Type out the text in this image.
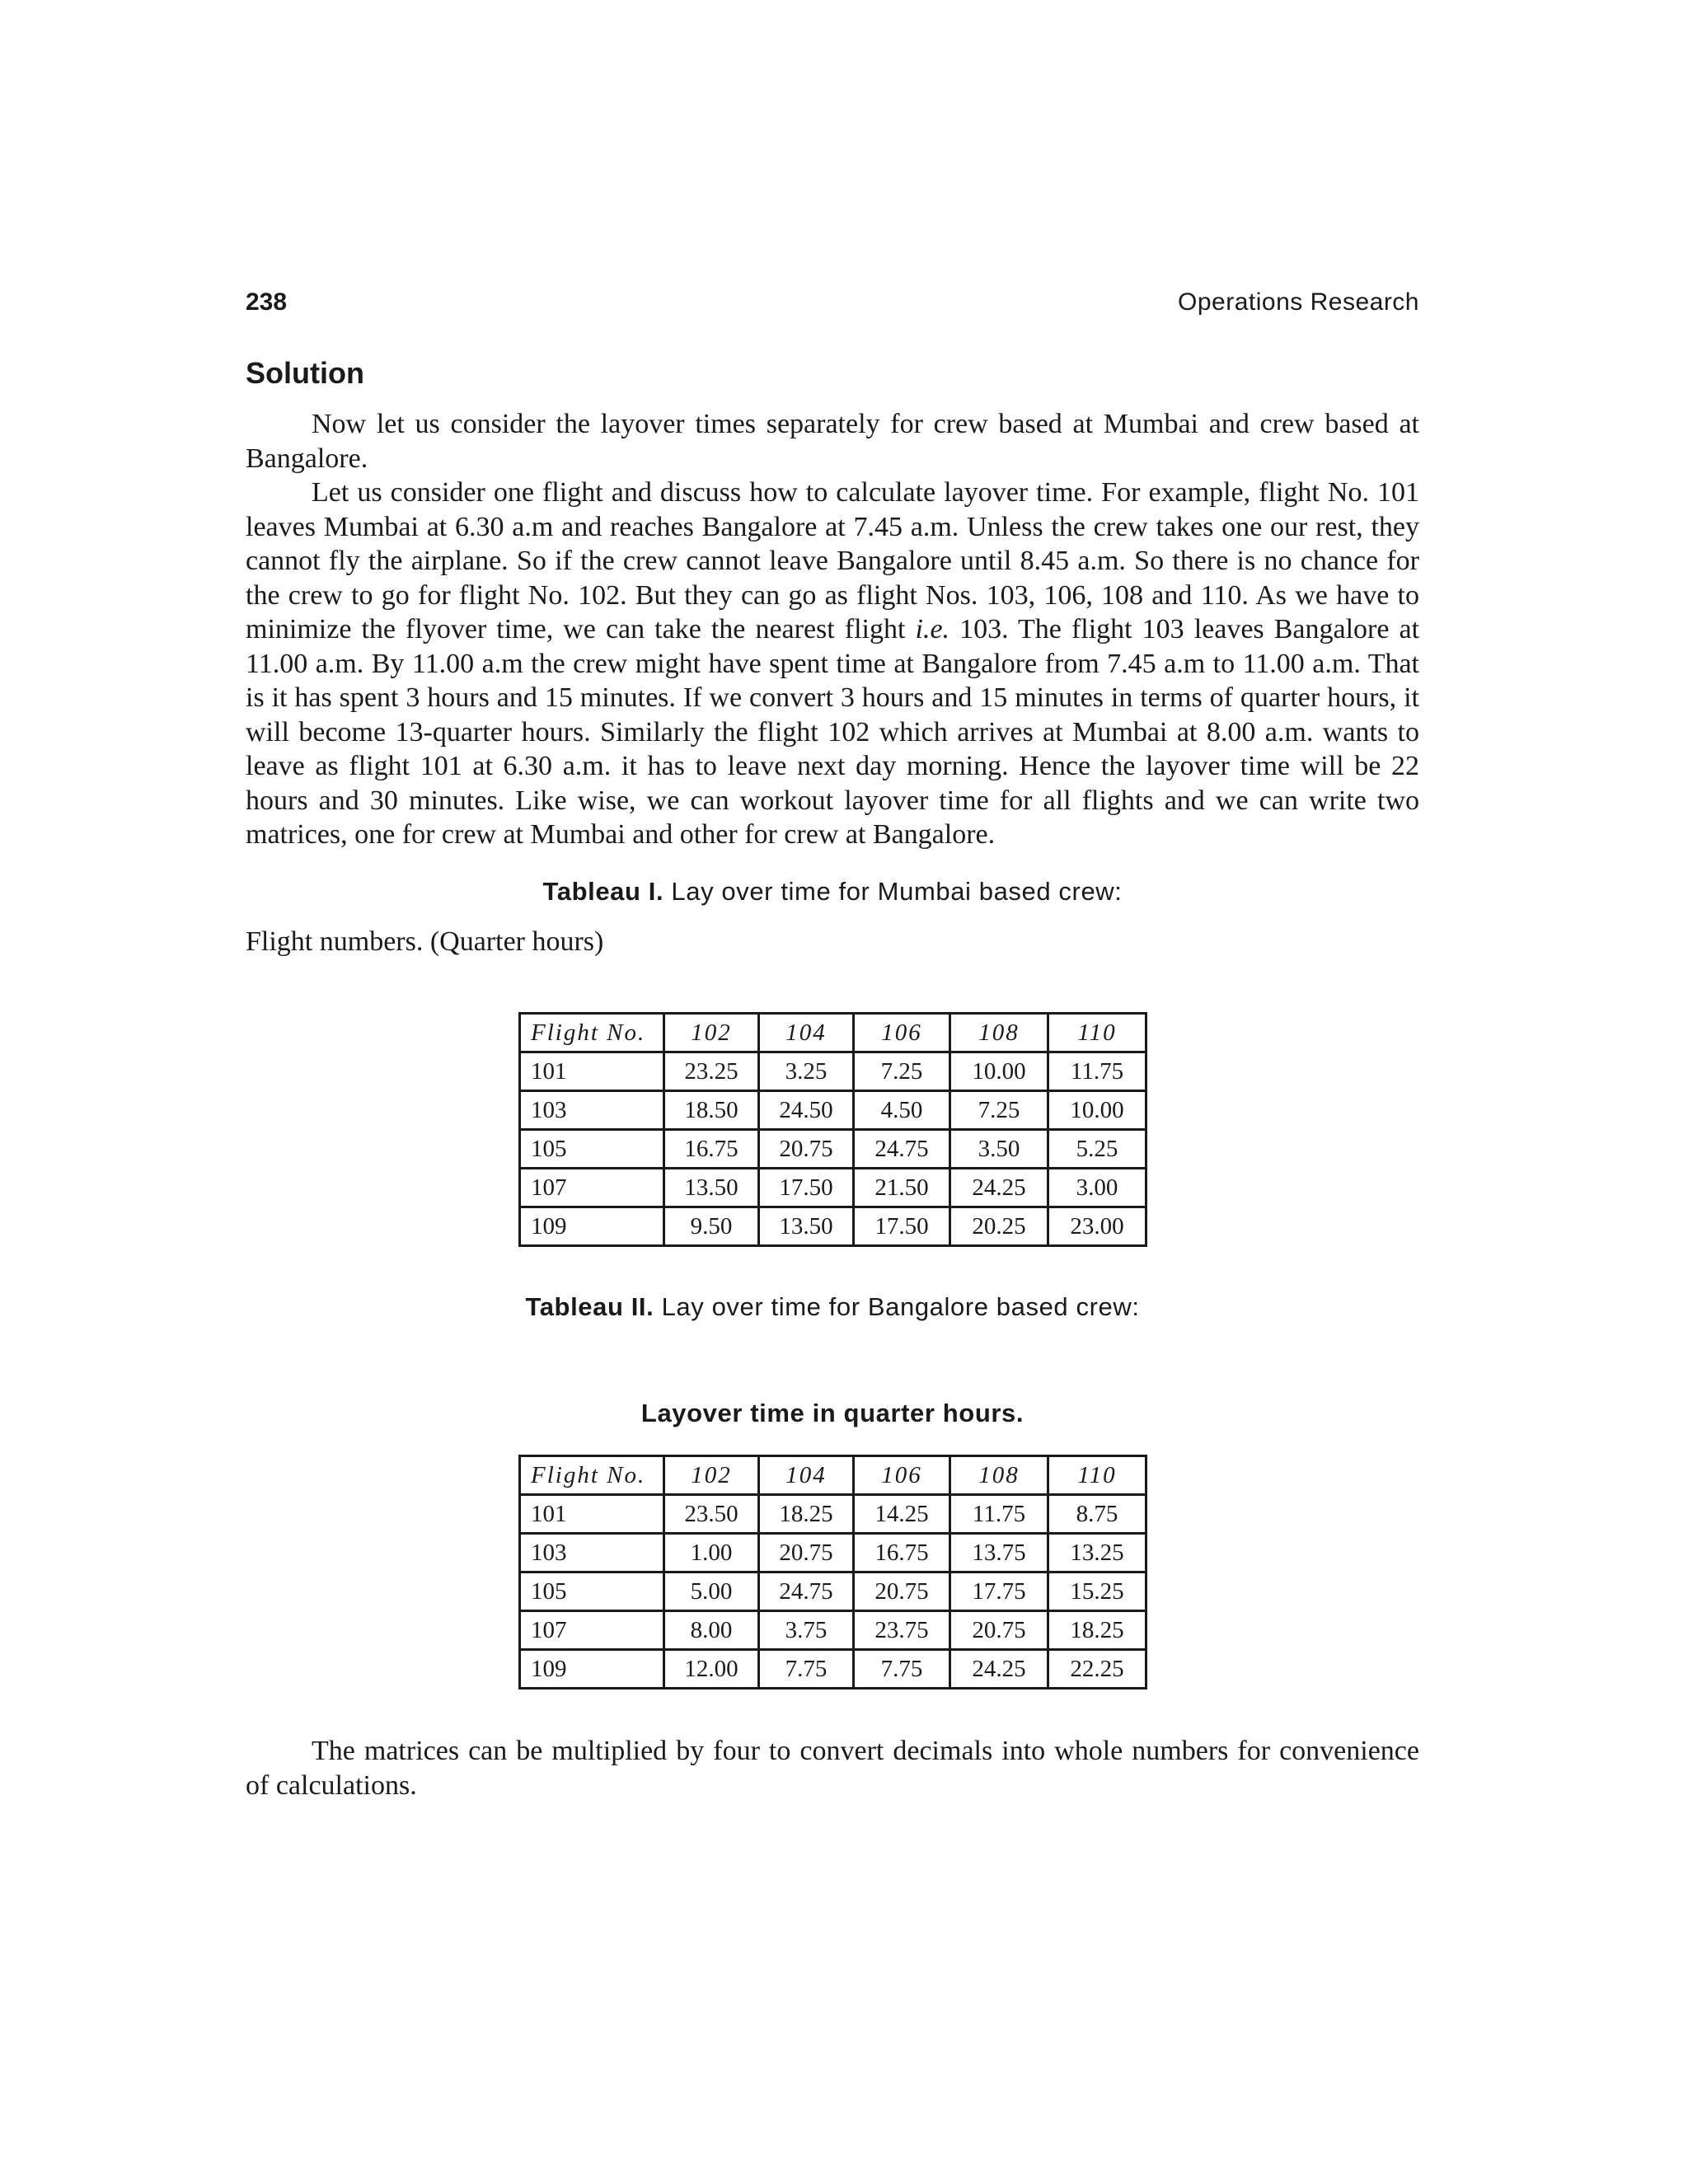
238	Operations Research
Solution

Now let us consider the layover times separately for crew based at Mumbai and crew based at Bangalore.

Let us consider one flight and discuss how to calculate layover time. For example, flight No. 101 leaves Mumbai at 6.30 a.m and reaches Bangalore at 7.45 a.m. Unless the crew takes one our rest, they cannot fly the airplane. So if the crew cannot leave Bangalore until 8.45 a.m. So there is no chance for the crew to go for flight No. 102. But they can go as flight Nos. 103, 106, 108 and 110. As we have to minimize the flyover time, we can take the nearest flight i.e. 103. The flight 103 leaves Bangalore at 11.00 a.m. By 11.00 a.m the crew might have spent time at Bangalore from 7.45 a.m to 11.00 a.m. That is it has spent 3 hours and 15 minutes. If we convert 3 hours and 15 minutes in terms of quarter hours, it will become 13-quarter hours. Similarly the flight 102 which arrives at Mumbai at 8.00 a.m. wants to leave as flight 101 at 6.30 a.m. it has to leave next day morning. Hence the layover time will be 22 hours and 30 minutes. Like wise, we can workout layover time for all flights and we can write two matrices, one for crew at Mumbai and other for crew at Bangalore.

Tableau I. Lay over time for Mumbai based crew:
Flight numbers. (Quarter hours)
Flight No.	102	104	106	108	110
101	23.25	3.25	7.25	10.00	11.75
103	18.50	24.50	4.50	7.25	10.00
105	16.75	20.75	24.75	3.50	5.25
107	13.50	17.50	21.50	24.25	3.00
109	9.50	13.50	17.50	20.25	23.00
Tableau II. Lay over time for Bangalore based crew:
Layover time in quarter hours.
Flight No.	102	104	106	108	110
101	23.50	18.25	14.25	11.75	8.75
103	1.00	20.75	16.75	13.75	13.25
105	5.00	24.75	20.75	17.75	15.25
107	8.00	3.75	23.75	20.75	18.25
109	12.00	7.75	7.75	24.25	22.25

The matrices can be multiplied by four to convert decimals into whole numbers for convenience of calculations.
